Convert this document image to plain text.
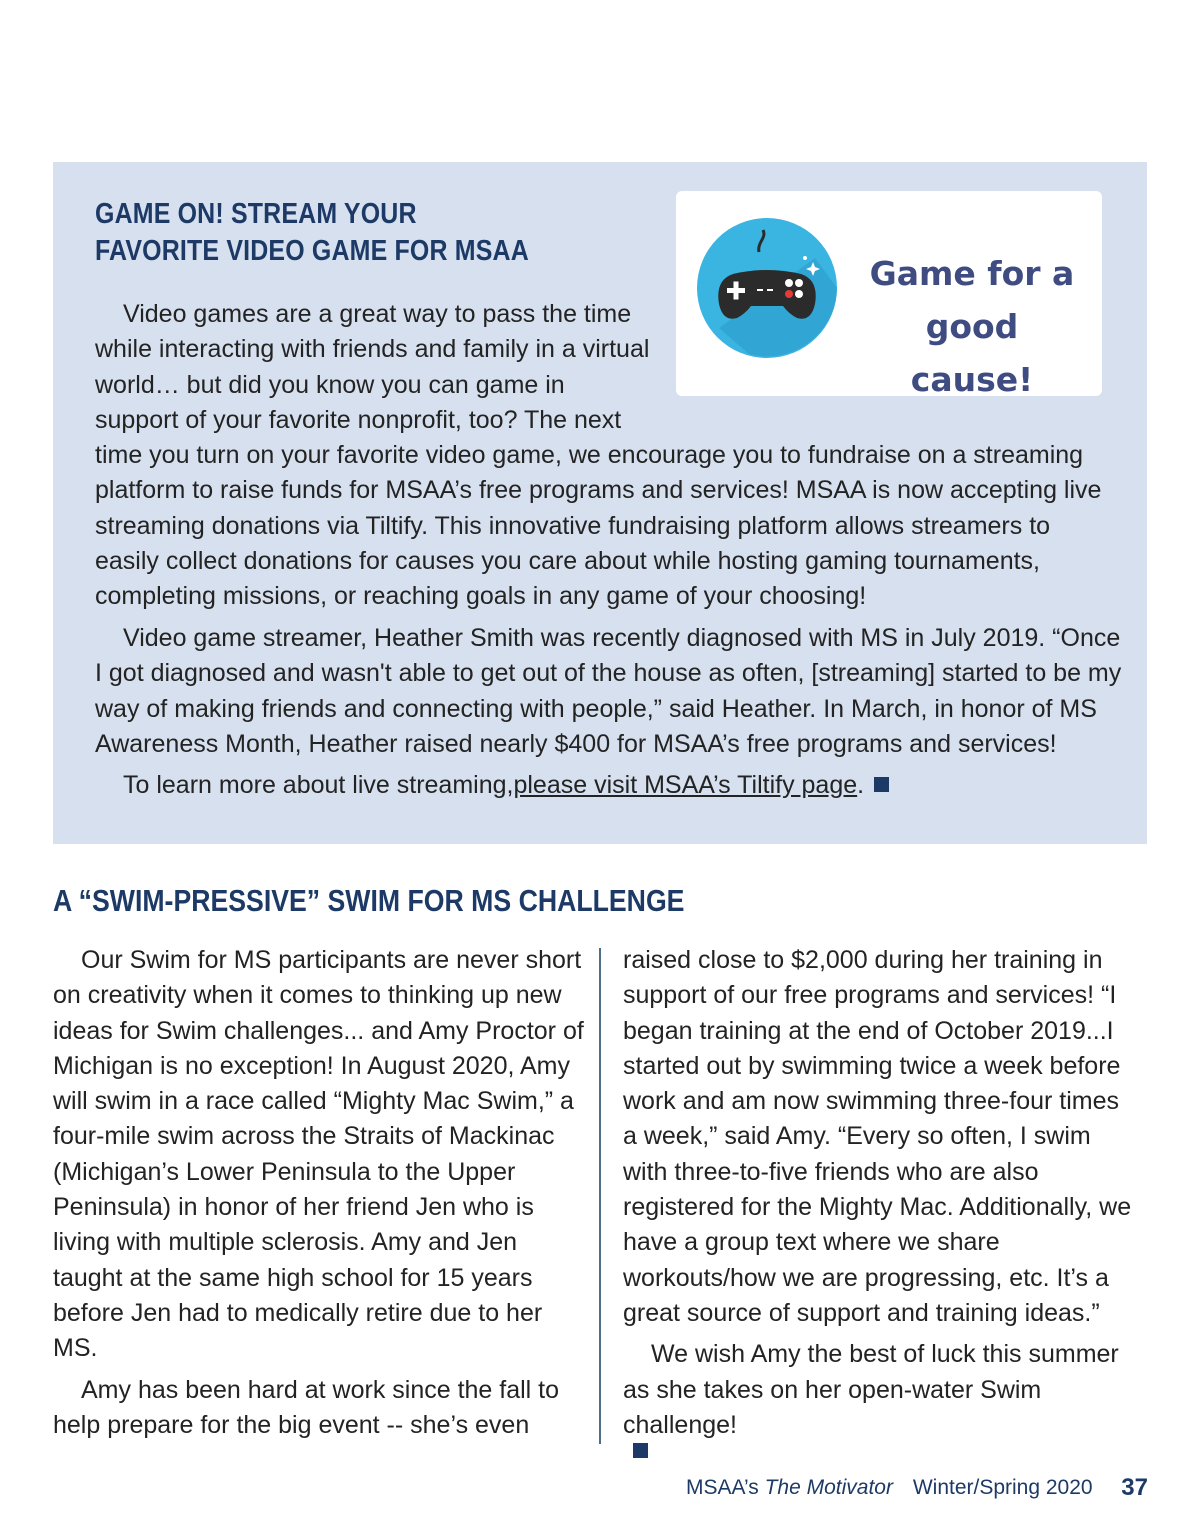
GAME ON! STREAM YOUR
FAVORITE VIDEO GAME FOR MSAA
Game for a
good cause!
Video games are a great way to pass the time
while interacting with friends and family in a virtual
world… but did you know you can game in
support of your favorite nonprofit, too? The next
time you turn on your favorite video game, we encourage you to fundraise on a streaming
platform to raise funds for MSAA’s free programs and services! MSAA is now accepting live
streaming donations via Tiltify. This innovative fundraising platform allows streamers to
easily collect donations for causes you care about while hosting gaming tournaments,
completing missions, or reaching goals in any game of your choosing!
Video game streamer, Heather Smith was recently diagnosed with MS in July 2019. “Once
I got diagnosed and wasn't able to get out of the house as often, [streaming] started to be my
way of making friends and connecting with people,” said Heather. In March, in honor of MS
Awareness Month, Heather raised nearly $400 for MSAA’s free programs and services!
To learn more about live streaming,please visit MSAA’s Tiltify page.
A “SWIM-PRESSIVE” SWIM FOR MS CHALLENGE
Our Swim for MS participants are never short
on creativity when it comes to thinking up new
ideas for Swim challenges... and Amy Proctor of
Michigan is no exception! In August 2020, Amy
will swim in a race called “Mighty Mac Swim,” a
four-mile swim across the Straits of Mackinac
(Michigan’s Lower Peninsula to the Upper
Peninsula) in honor of her friend Jen who is
living with multiple sclerosis. Amy and Jen
taught at the same high school for 15 years
before Jen had to medically retire due to her
MS.
Amy has been hard at work since the fall to
help prepare for the big event -- she’s even
raised close to $2,000 during her training in
support of our free programs and services! “I
began training at the end of October 2019...I
started out by swimming twice a week before
work and am now swimming three-four times
a week,” said Amy. “Every so often, I swim
with three-to-five friends who are also
registered for the Mighty Mac. Additionally, we
have a group text where we share
workouts/how we are progressing, etc. It’s a
great source of support and training ideas.”
We wish Amy the best of luck this summer
as she takes on her open-water Swim
challenge!
MSAA’s The Motivator Winter/Spring 2020 37
